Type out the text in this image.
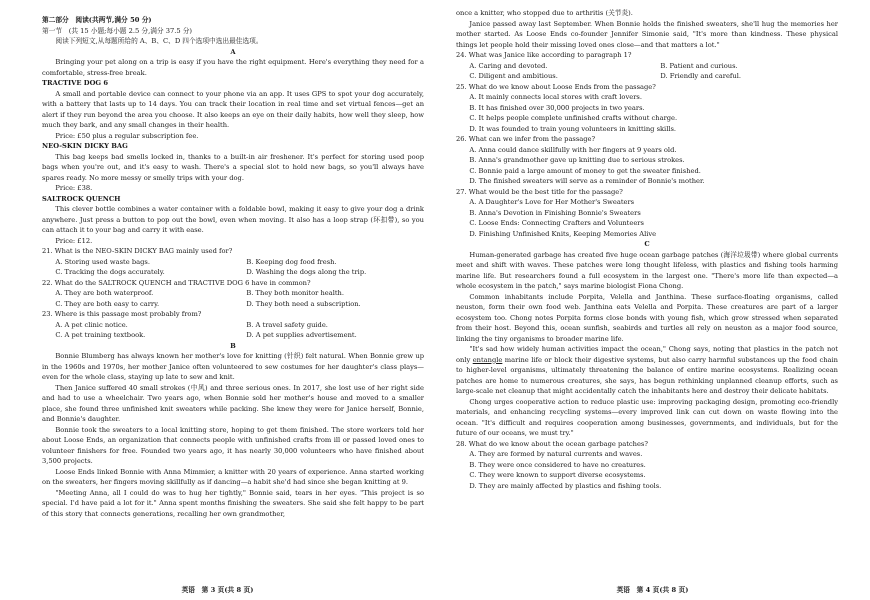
第二部分　阅读(共两节,满分 50 分)

第一节　(共 15 小题;每小题 2.5 分,满分 37.5 分)

阅读下列短文,从每题所给的 A、B、C、D 四个选项中选出最佳选项。

A

Bringing your pet along on a trip is easy if you have the right equipment. Here's everything they need for a comfortable, stress-free break.

TRACTIVE DOG 6

A small and portable device can connect to your phone via an app. It uses GPS to spot your dog accurately, with a battery that lasts up to 14 days. You can track their location in real time and set virtual fences—get an alert if they run beyond the area you choose. It also keeps an eye on their daily habits, how well they sleep, how much they bark, and any small changes in their health.

Price: £50 plus a regular subscription fee.

NEO-SKIN DICKY BAG

This bag keeps bad smells locked in, thanks to a built-in air freshener. It's perfect for storing used poop bags when you're out, and it's easy to wash. There's a special slot to hold new bags, so you'll always have spares ready. No more messy or smelly trips with your dog.

Price: £38.

SALTROCK QUENCH

This clever bottle combines a water container with a foldable bowl, making it easy to give your dog a drink anywhere. Just press a button to pop out the bowl, even when moving. It also has a loop strap (环扣带), so you can attach it to your bag and carry it with ease.

Price: £12.

21. What is the NEO-SKIN DICKY BAG mainly used for?

A. Storing used waste bags.	B. Keeping dog food fresh.
C. Tracking the dogs accurately.	D. Washing the dogs along the trip.

22. What do the SALTROCK QUENCH and TRACTIVE DOG 6 have in common?

A. They are both waterproof.	B. They both monitor health.
C. They are both easy to carry.	D. They both need a subscription.

23. Where is this passage most probably from?

A. A pet clinic notice.	B. A travel safety guide.
C. A pet training textbook.	D. A pet supplies advertisement.

B

Bonnie Blumberg has always known her mother's love for knitting (针织) felt natural. When Bonnie grew up in the 1960s and 1970s, her mother Janice often volunteered to sew costumes for her daughter's class plays—even for the whole class, staying up late to sew and knit.

Then Janice suffered 40 small strokes (中风) and three serious ones. In 2017, she lost use of her right side and had to use a wheelchair. Two years ago, when Bonnie sold her mother's house and moved to a smaller place, she found three unfinished knit sweaters while packing. She knew they were for Janice herself, Bonnie, and Bonnie's daughter.

Bonnie took the sweaters to a local knitting store, hoping to get them finished. The store workers told her about Loose Ends, an organization that connects people with unfinished crafts from ill or passed loved ones to volunteer finishers for free. Founded two years ago, it has nearly 30,000 volunteers who have finished about 3,500 projects.

Loose Ends linked Bonnie with Anna Mimmier, a knitter with 20 years of experience. Anna started working on the sweaters, her fingers moving skillfully as if dancing—a habit she'd had since she began knitting at 9.

"Meeting Anna, all I could do was to hug her tightly," Bonnie said, tears in her eyes. "This project is so special. I'd have paid a lot for it." Anna spent months finishing the sweaters. She said she felt happy to be part of this story that connects generations, recalling her own grandmother,

英语　第 3 页(共 8 页)

once a knitter, who stopped due to arthritis (关节炎).

Janice passed away last September. When Bonnie holds the finished sweaters, she'll hug the memories her mother started. As Loose Ends co-founder Jennifer Simonie said, "It's more than kindness. These physical things let people hold their missing loved ones close—and that matters a lot."

24. What was Janice like according to paragraph 1?

A. Caring and devoted.	B. Patient and curious.
C. Diligent and ambitious.	D. Friendly and careful.

25. What do we know about Loose Ends from the passage?

A. It mainly connects local stores with craft lovers.

B. It has finished over 30,000 projects in two years.

C. It helps people complete unfinished crafts without charge.

D. It was founded to train young volunteers in knitting skills.

26. What can we infer from the passage?

A. Anna could dance skillfully with her fingers at 9 years old.

B. Anna's grandmother gave up knitting due to serious strokes.

C. Bonnie paid a large amount of money to get the sweater finished.

D. The finished sweaters will serve as a reminder of Bonnie's mother.

27. What would be the best title for the passage?

A. A Daughter's Love for Her Mother's Sweaters

B. Anna's Devotion in Finishing Bonnie's Sweaters

C. Loose Ends: Connecting Crafters and Volunteers

D. Finishing Unfinished Knits, Keeping Memories Alive

C

Human-generated garbage has created five huge ocean garbage patches (海洋垃圾带) where global currents meet and shift with waves. These patches were long thought lifeless, with plastics and fishing tools harming marine life. But researchers found a full ecosystem in the largest one. "There's more life than expected—a whole ecosystem in the patch," says marine biologist Fiona Chong.

Common inhabitants include Porpita, Velella and Janthina. These surface-floating organisms, called neuston, form their own food web. Janthina eats Velella and Porpita. These creatures are part of a larger ecosystem too. Chong notes Porpita forms close bonds with young fish, which grow stressed when separated from their host. Beyond this, ocean sunfish, seabirds and turtles all rely on neuston as a major food source, linking the tiny organisms to broader marine life.

"It's sad how widely human activities impact the ocean," Chong says, noting that plastics in the patch not only entangle marine life or block their digestive systems, but also carry harmful substances up the food chain to higher-level organisms, ultimately threatening the balance of entire marine ecosystems. Realizing ocean patches are home to numerous creatures, she says, has begun rethinking unplanned cleanup efforts, such as large-scale net cleanup that might accidentally catch the inhabitants here and destroy their delicate habitats.

Chong urges cooperative action to reduce plastic use: improving packaging design, promoting eco-friendly materials, and enhancing recycling systems—every improved link can cut down on waste flowing into the ocean. "It's difficult and requires cooperation among businesses, governments, and individuals, but for the future of our oceans, we must try."

28. What do we know about the ocean garbage patches?

A. They are formed by natural currents and waves.

B. They were once considered to have no creatures.

C. They were known to support diverse ecosystems.

D. They are mainly affected by plastics and fishing tools.

英语　第 4 页(共 8 页)
